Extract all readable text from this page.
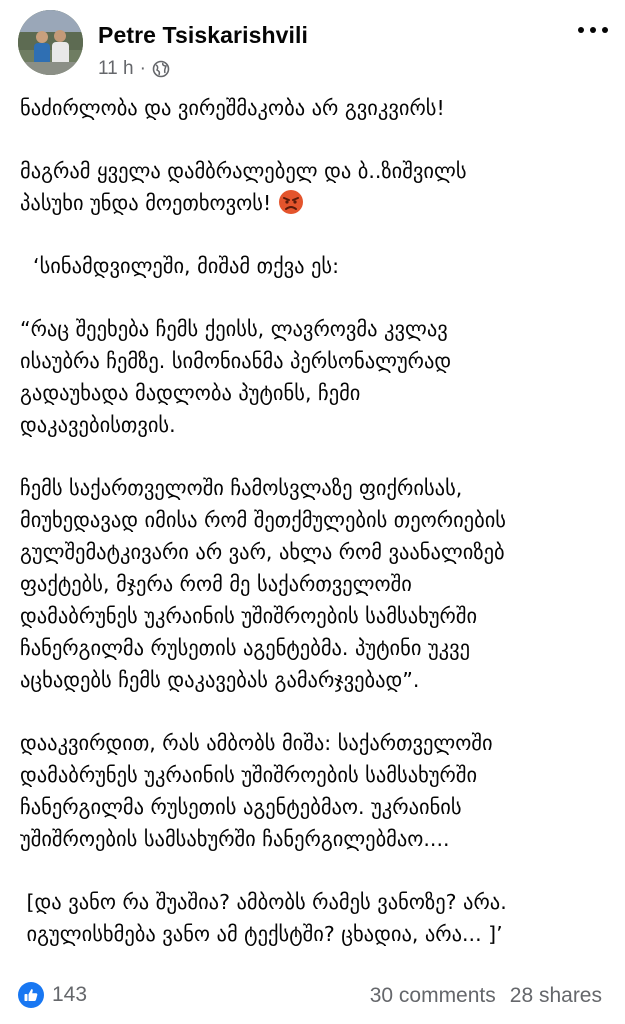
Petre Tsiskarishvili
11 h ·

ნაძირლობა და ვირეშმაკობა არ გვიკვირს!

მაგრამ ყველა დამბრალებელ და ბ..ზიშვილს

პასუხი უნდა მოეთხოვოს!

‘სინამდვილეში, მიშამ თქვა ეს:

“რაც შეეხება ჩემს ქეისს, ლავროვმა კვლავ

ისაუბრა ჩემზე. სიმონიანმა პერსონალურად

გადაუხადა მადლობა პუტინს, ჩემი

დაკავებისთვის.

ჩემს საქართველოში ჩამოსვლაზე ფიქრისას,

მიუხედავად იმისა რომ შეთქმულების თეორიების

გულშემატკივარი არ ვარ, ახლა რომ ვაანალიზებ

ფაქტებს, მჯერა რომ მე საქართველოში

დამაბრუნეს უკრაინის უშიშროების სამსახურში

ჩანერგილმა რუსეთის აგენტებმა. პუტინი უკვე

აცხადებს ჩემს დაკავებას გამარჯვებად”.

დააკვირდით, რას ამბობს მიშა: საქართველოში

დამაბრუნეს უკრაინის უშიშროების სამსახურში

ჩანერგილმა რუსეთის აგენტებმაო. უკრაინის

უშიშროების სამსახურში ჩანერგილებმაო....

[და ვანო რა შუაშია? ამბობს რამეს ვანოზე? არა.

იგულისხმება ვანო ამ ტექსტში? ცხადია, არა... ]’

143	30 comments 28 shares
